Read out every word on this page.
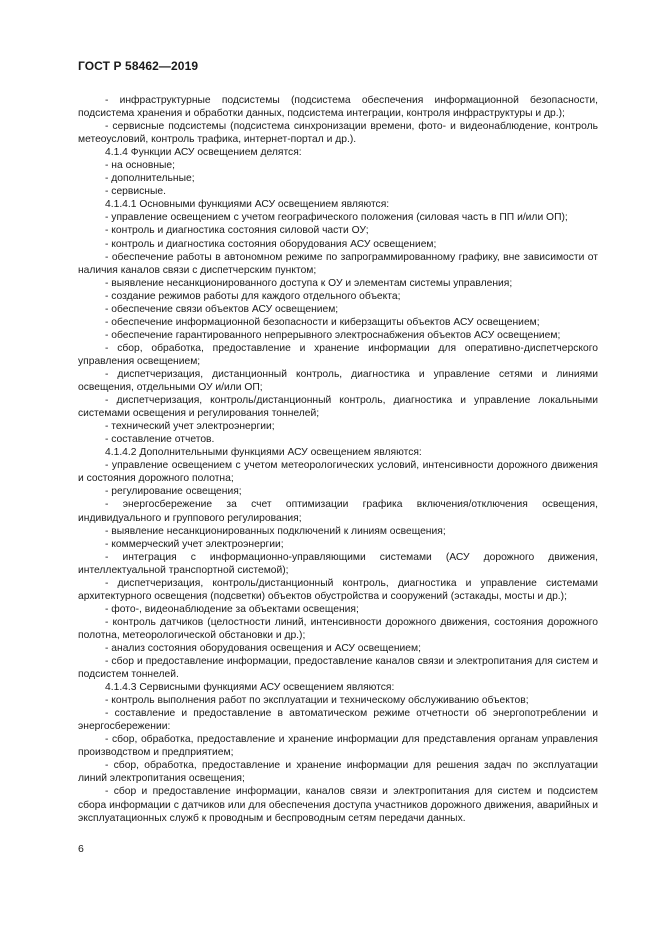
ГОСТ Р 58462—2019

- инфраструктурные подсистемы (подсистема обеспечения информационной безопасности, подсистема хранения и обработки данных, подсистема интеграции, контроля инфраструктуры и др.);

- сервисные подсистемы (подсистема синхронизации времени, фото- и видеонаблюдение, контроль метеоусловий, контроль трафика, интернет-портал и др.).

4.1.4 Функции АСУ освещением делятся:

- на основные;

- дополнительные;

- сервисные.

4.1.4.1 Основными функциями АСУ освещением являются:

- управление освещением с учетом географического положения (силовая часть в ПП и/или ОП);

- контроль и диагностика состояния силовой части ОУ;

- контроль и диагностика состояния оборудования АСУ освещением;

- обеспечение работы в автономном режиме по запрограммированному графику, вне зависимости от наличия каналов связи с диспетчерским пунктом;

- выявление несанкционированного доступа к ОУ и элементам системы управления;

- создание режимов работы для каждого отдельного объекта;

- обеспечение связи объектов АСУ освещением;

- обеспечение информационной безопасности и киберзащиты объектов АСУ освещением;

- обеспечение гарантированного непрерывного электроснабжения объектов АСУ освещением;

- сбор, обработка, предоставление и хранение информации для оперативно-диспетчерского управления освещением;

- диспетчеризация, дистанционный контроль, диагностика и управление сетями и линиями освещения, отдельными ОУ и/или ОП;

- диспетчеризация, контроль/дистанционный контроль, диагностика и управление локальными системами освещения и регулирования тоннелей;

- технический учет электроэнергии;

- составление отчетов.

4.1.4.2 Дополнительными функциями АСУ освещением являются:

- управление освещением с учетом метеорологических условий, интенсивности дорожного движения и состояния дорожного полотна;

- регулирование освещения;

- энергосбережение за счет оптимизации графика включения/отключения освещения, индивидуального и группового регулирования;

- выявление несанкционированных подключений к линиям освещения;

- коммерческий учет электроэнергии;

- интеграция с информационно-управляющими системами (АСУ дорожного движения, интеллектуальной транспортной системой);

- диспетчеризация, контроль/дистанционный контроль, диагностика и управление системами архитектурного освещения (подсветки) объектов обустройства и сооружений (эстакады, мосты и др.);

- фото-, видеонаблюдение за объектами освещения;

- контроль датчиков (целостности линий, интенсивности дорожного движения, состояния дорожного полотна, метеорологической обстановки и др.);

- анализ состояния оборудования освещения и АСУ освещением;

- сбор и предоставление информации, предоставление каналов связи и электропитания для систем и подсистем тоннелей.

4.1.4.3 Сервисными функциями АСУ освещением являются:

- контроль выполнения работ по эксплуатации и техническому обслуживанию объектов;

- составление и предоставление в автоматическом режиме отчетности об энергопотреблении и энергосбережении:

- сбор, обработка, предоставление и хранение информации для представления органам управления производством и предприятием;

- сбор, обработка, предоставление и хранение информации для решения задач по эксплуатации линий электропитания освещения;

- сбор и предоставление информации, каналов связи и электропитания для систем и подсистем сбора информации с датчиков или для обеспечения доступа участников дорожного движения, аварийных и эксплуатационных служб к проводным и беспроводным сетям передачи данных.

6
